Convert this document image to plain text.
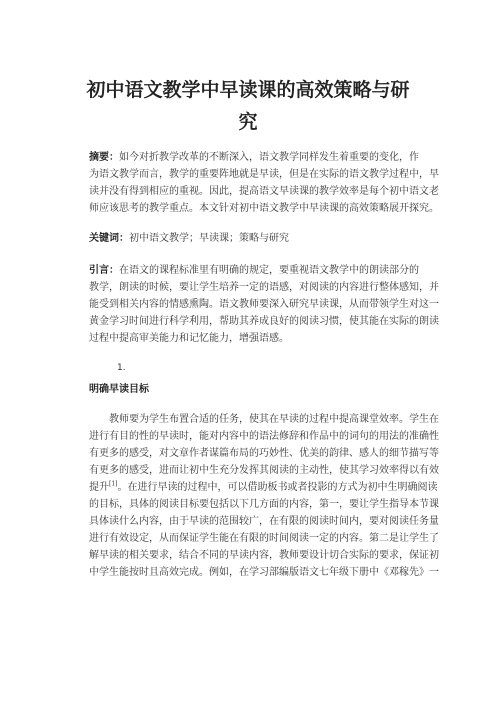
初中语文教学中早读课的高效策略与研
究
摘要：如今对折教学改革的不断深入，语文教学同样发生着重要的变化，作
为语文教学而言，教学的重要阵地就是早读，但是在实际的语文教学过程中，早
读并没有得到相应的重视。因此，提高语文早读课的教学效率是每个初中语文老
师应该思考的教学重点。本文针对初中语文教学中早读课的高效策略展开探究。
关键词：初中语文教学；早读课；策略与研究
引言：在语文的课程标准里有明确的规定，要重视语文教学中的朗读部分的
教学，朗读的时候，要让学生培养一定的语感，对阅读的内容进行整体感知，并
能受到相关内容的情感熏陶。语文教师要深入研究早读课，从而带领学生对这一
黄金学习时间进行科学利用，帮助其养成良好的阅读习惯，使其能在实际的朗读
过程中提高审美能力和记忆能力，增强语感。
1.
明确早读目标
教师要为学生布置合适的任务，使其在早读的过程中提高课堂效率。学生在
进行有目的性的早读时，能对内容中的语法修辞和作品中的词句的用法的准确性
有更多的感受，对文章作者谋篇布局的巧妙性、优美的韵律、感人的细节描写等
有更多的感受，进而让初中生充分发挥其阅读的主动性，使其学习效率得以有效
提升[1]。在进行早读的过程中，可以借助板书或者投影的方式为初中生明确阅读
的目标，具体的阅读目标要包括以下几方面的内容，第一，要让学生指导本节课
具体读什么内容，由于早读的范围较广，在有限的阅读时间内，要对阅读任务量
进行有效设定，从而保证学生能在有限的时间阅读一定的内容。第二是让学生了
解早读的相关要求，结合不同的早读内容，教师要设计切合实际的要求，保证初
中学生能按时且高效完成。例如，在学习部编版语文七年级下册中《邓稼先》一
